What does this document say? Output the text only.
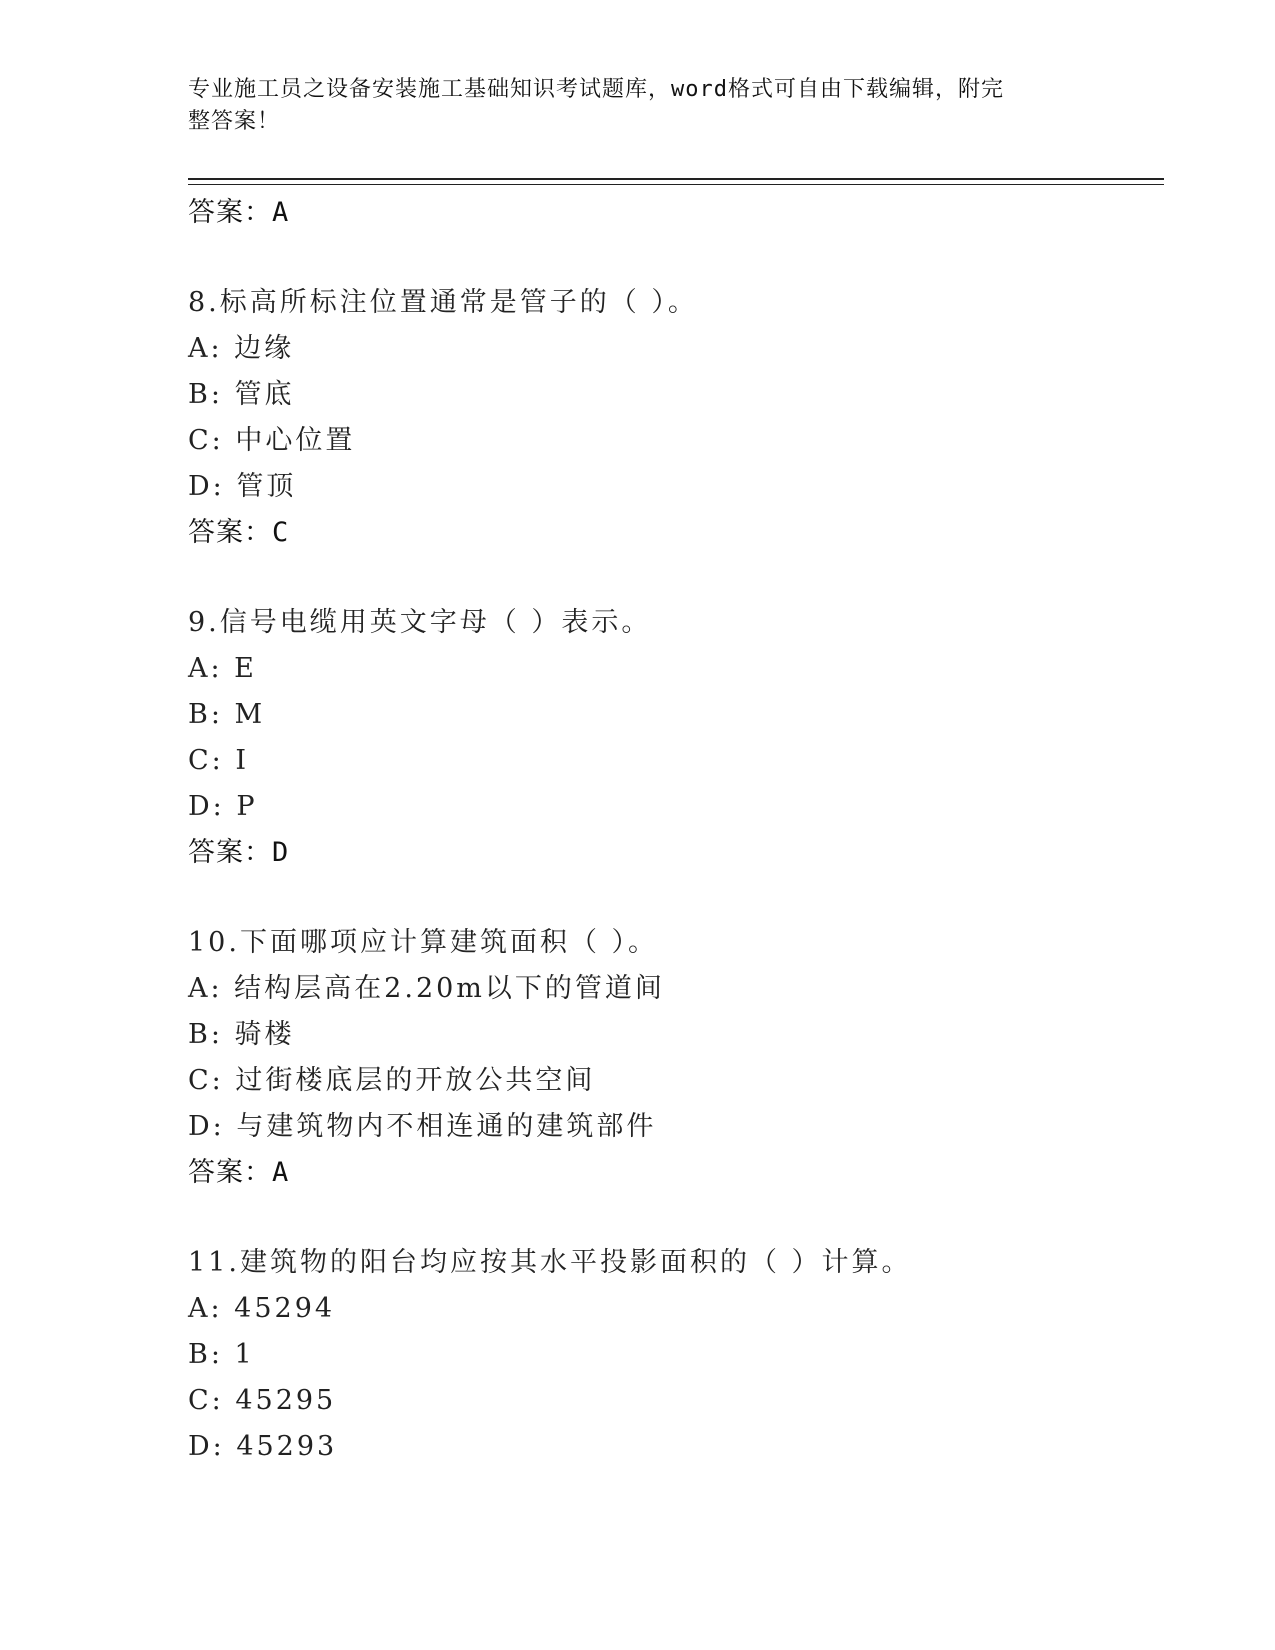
专业施工员之设备安装施工基础知识考试题库，word格式可自由下载编辑，附完
整答案！
答案：A
8.标高所标注位置通常是管子的（ ）。
A: 边缘
B: 管底
C: 中心位置
D: 管顶
答案：C
9.信号电缆用英文字母（ ）表示。
A: E
B: M
C: I
D: P
答案：D
10.下面哪项应计算建筑面积（ ）。
A: 结构层高在2.20m以下的管道间
B: 骑楼
C: 过街楼底层的开放公共空间
D: 与建筑物内不相连通的建筑部件
答案：A
11.建筑物的阳台均应按其水平投影面积的（ ）计算。
A: 45294
B: 1
C: 45295
D: 45293
